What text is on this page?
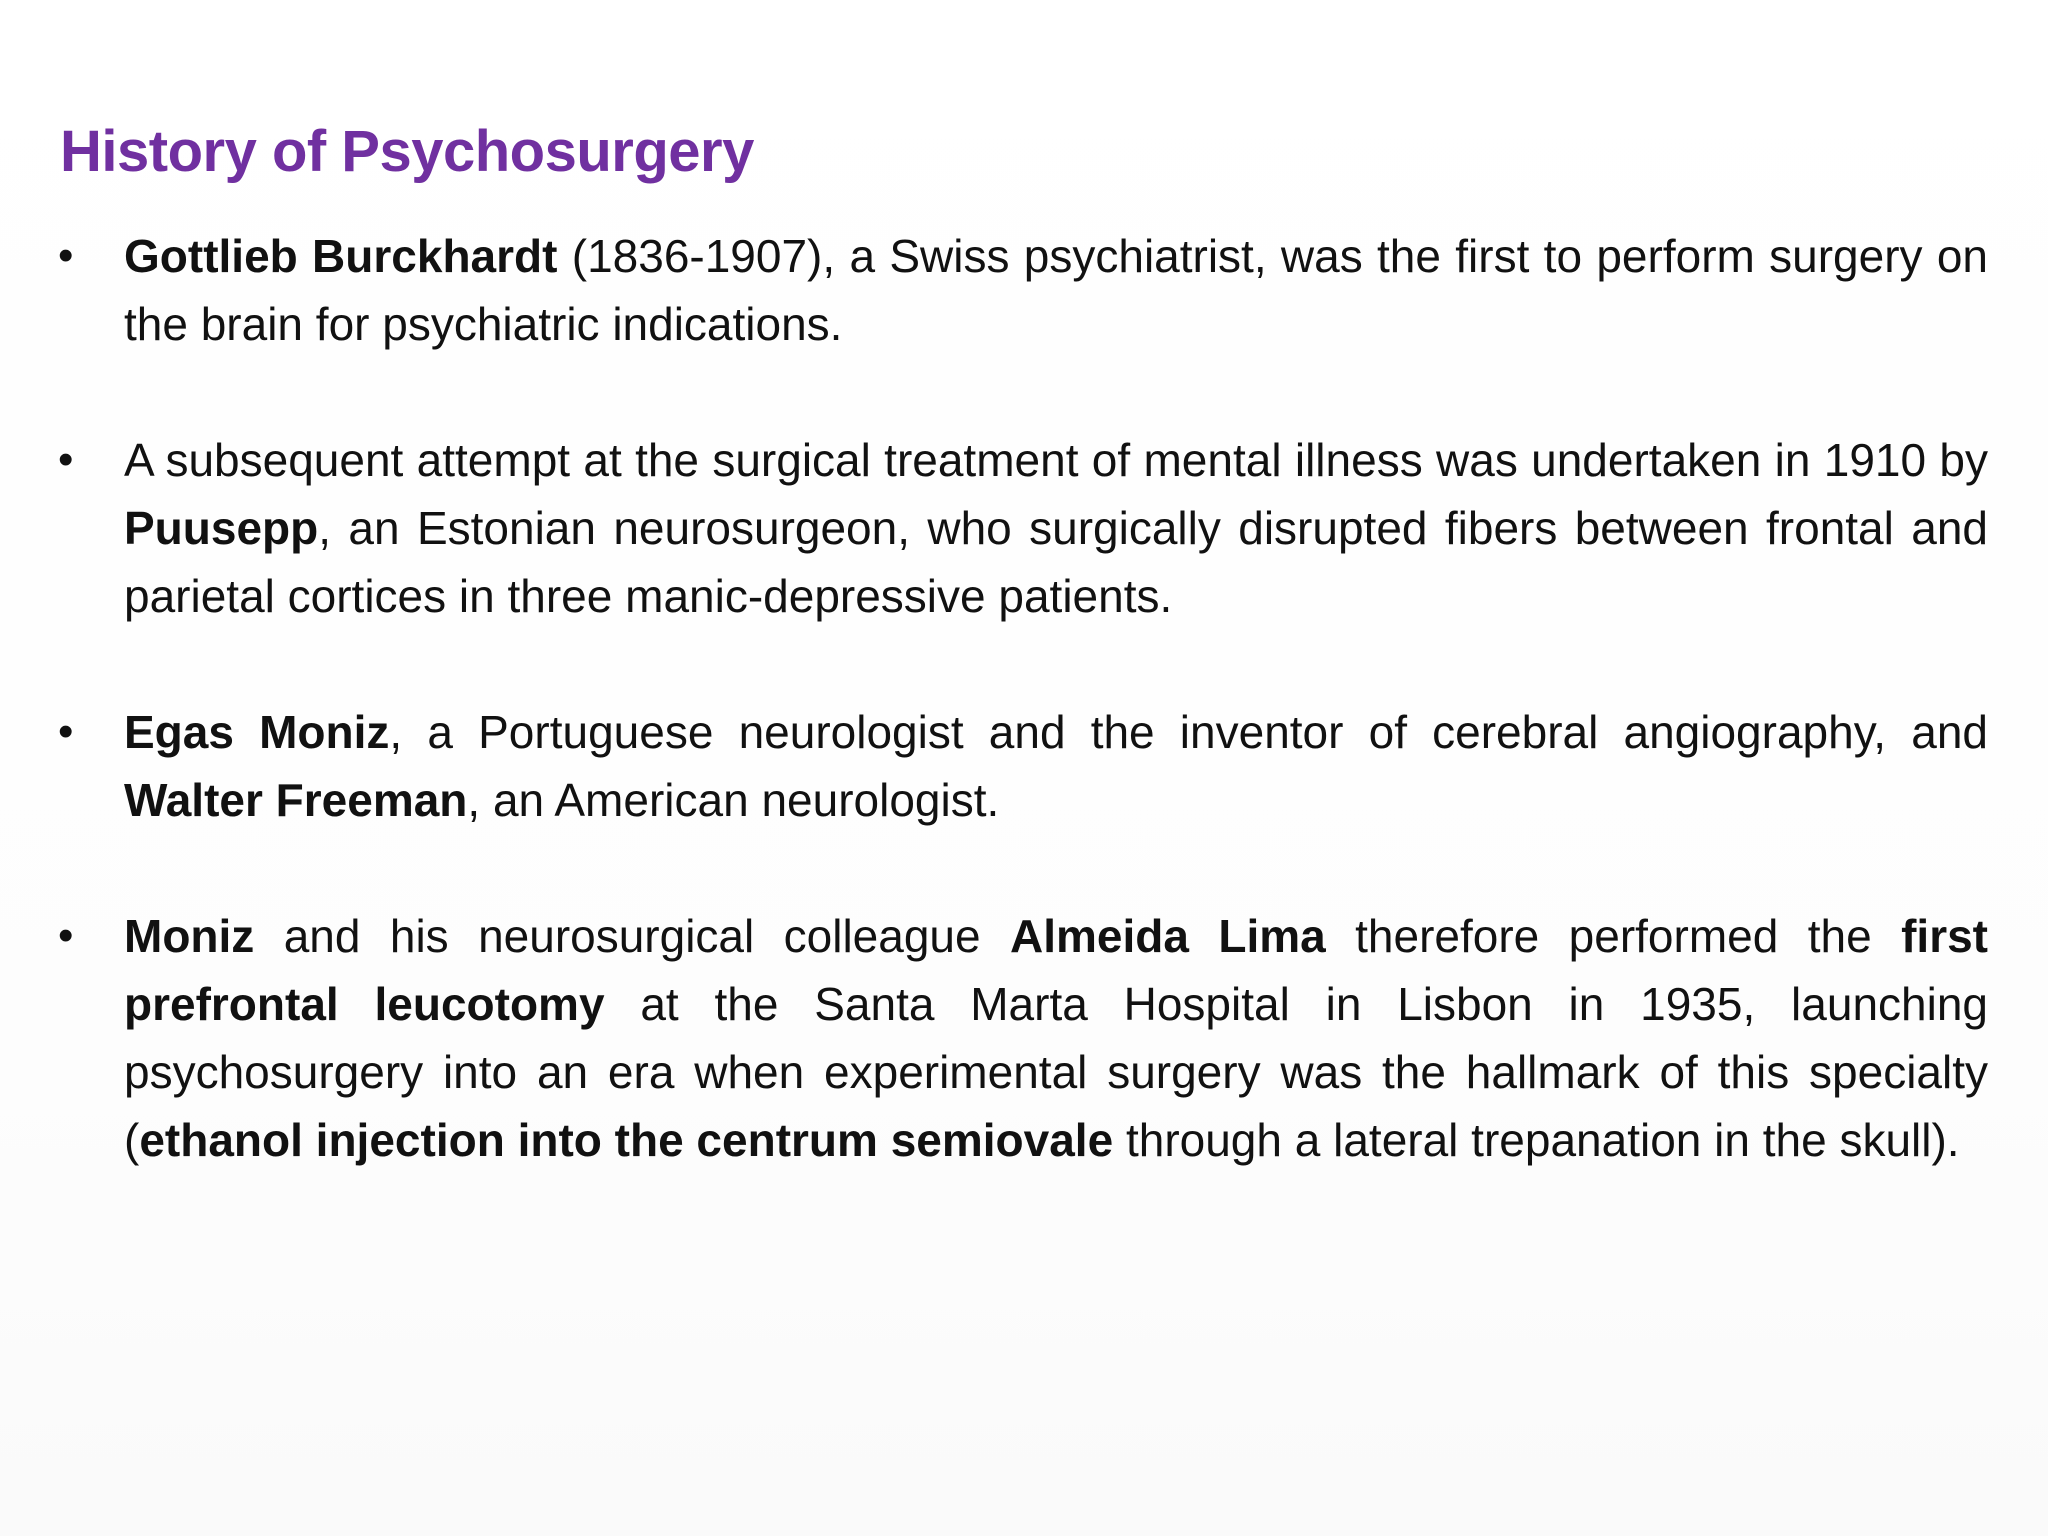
History of Psychosurgery
•	Gottlieb Burckhardt (1836-1907), a Swiss psychiatrist, was the first to perform surgery on the brain for psychiatric indications.
•	A subsequent attempt at the surgical treatment of mental illness was undertaken in 1910 by Puusepp, an Estonian neurosurgeon, who surgically disrupted fibers between frontal and parietal cortices in three manic-depressive patients.
•	Egas Moniz, a Portuguese neurologist and the inventor of cerebral angiography, and Walter Freeman, an American neurologist.
•	Moniz and his neurosurgical colleague Almeida Lima therefore performed the first prefrontal leucotomy at the Santa Marta Hospital in Lisbon in 1935, launching psychosurgery into an era when experimental surgery was the hallmark of this specialty (ethanol injection into the centrum semiovale through a lateral trepanation in the skull).
